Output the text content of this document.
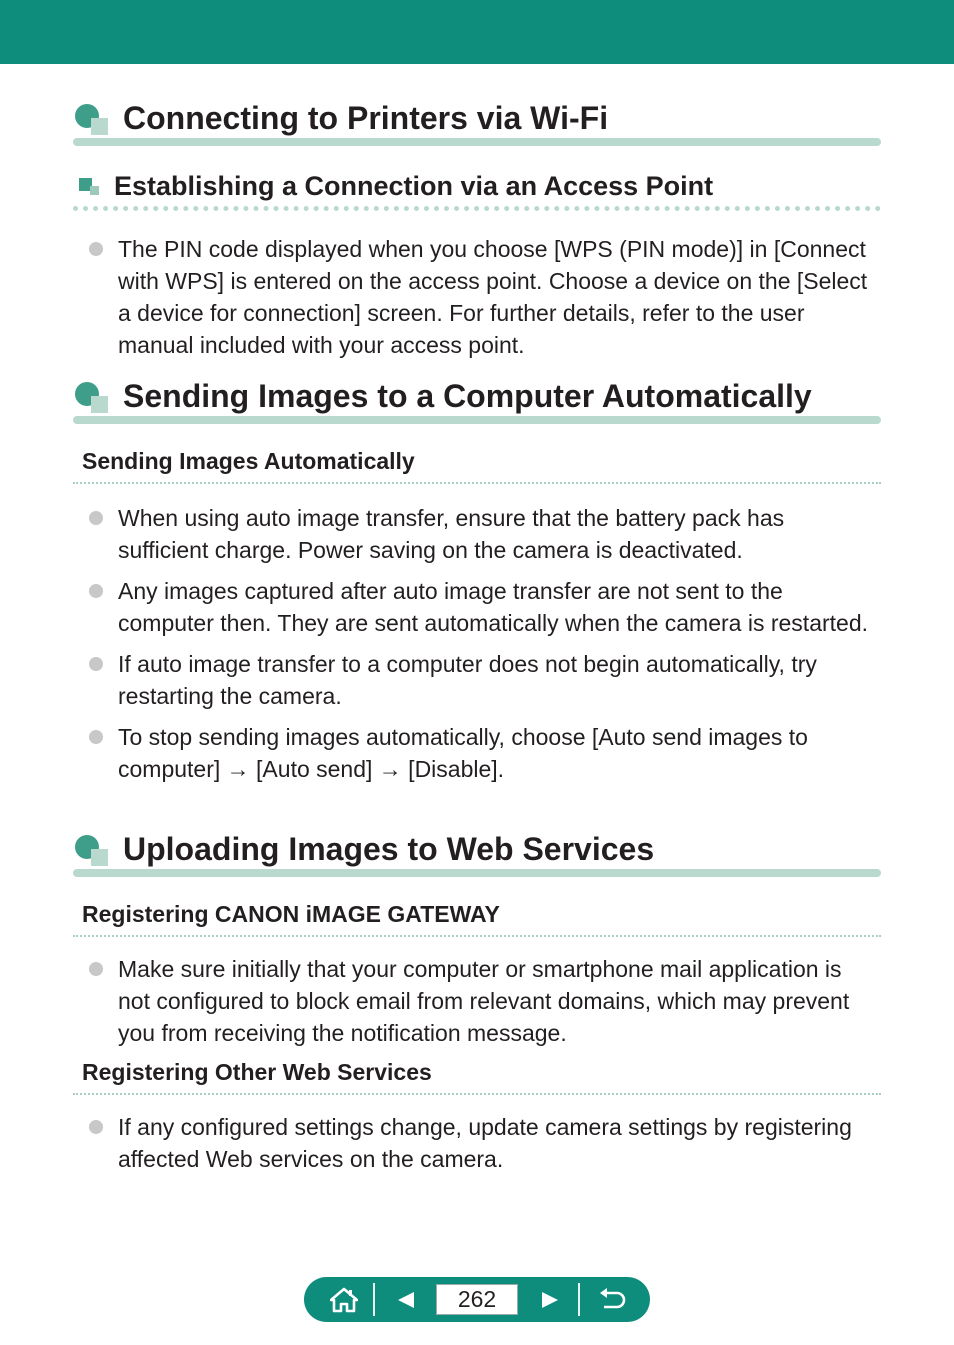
Connecting to Printers via Wi-Fi
Establishing a Connection via an Access Point
The PIN code displayed when you choose [WPS (PIN mode)] in [Connect with WPS] is entered on the access point. Choose a device on the [Select a device for connection] screen. For further details, refer to the user manual included with your access point.
Sending Images to a Computer Automatically
Sending Images Automatically
When using auto image transfer, ensure that the battery pack has sufficient charge. Power saving on the camera is deactivated.
Any images captured after auto image transfer are not sent to the computer then. They are sent automatically when the camera is restarted.
If auto image transfer to a computer does not begin automatically, try restarting the camera.
To stop sending images automatically, choose [Auto send images to computer] → [Auto send] → [Disable].
Uploading Images to Web Services
Registering CANON iMAGE GATEWAY
Make sure initially that your computer or smartphone mail application is not configured to block email from relevant domains, which may prevent you from receiving the notification message.
Registering Other Web Services
If any configured settings change, update camera settings by registering affected Web services on the camera.
262
